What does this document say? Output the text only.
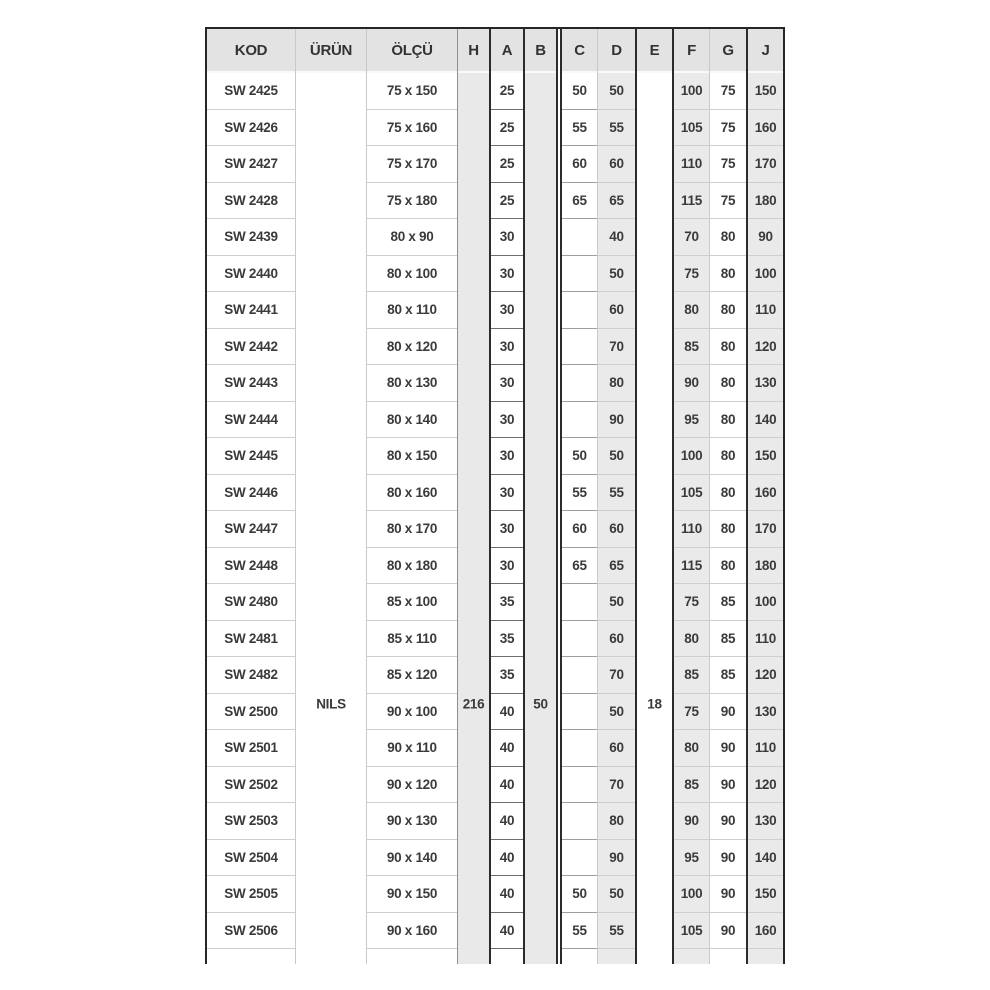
KOD
SW 2425
SW 2426
SW 2427
SW 2428
SW 2439
SW 2440
SW 2441
SW 2442
SW 2443
SW 2444
SW 2445
SW 2446
SW 2447
SW 2448
SW 2480
SW 2481
SW 2482
SW 2500
SW 2501
SW 2502
SW 2503
SW 2504
SW 2505
SW 2506
ÜRÜN
NILS
ÖLÇÜ
75 x 150
75 x 160
75 x 170
75 x 180
80 x 90
80 x 100
80 x 110
80 x 120
80 x 130
80 x 140
80 x 150
80 x 160
80 x 170
80 x 180
85 x 100
85 x 110
85 x 120
90 x 100
90 x 110
90 x 120
90 x 130
90 x 140
90 x 150
90 x 160
H
216
A
25
25
25
25
30
30
30
30
30
30
30
30
30
30
35
35
35
40
40
40
40
40
40
40
B
50
C
50
55
60
65
50
55
60
65
50
55
D
50
55
60
65
40
50
60
70
80
90
50
55
60
65
50
60
70
50
60
70
80
90
50
55
E
18
F
100
105
110
115
70
75
80
85
90
95
100
105
110
115
75
80
85
75
80
85
90
95
100
105
G
75
75
75
75
80
80
80
80
80
80
80
80
80
80
85
85
85
90
90
90
90
90
90
90
J
150
160
170
180
90
100
110
120
130
140
150
160
170
180
100
110
120
130
110
120
130
140
150
160
